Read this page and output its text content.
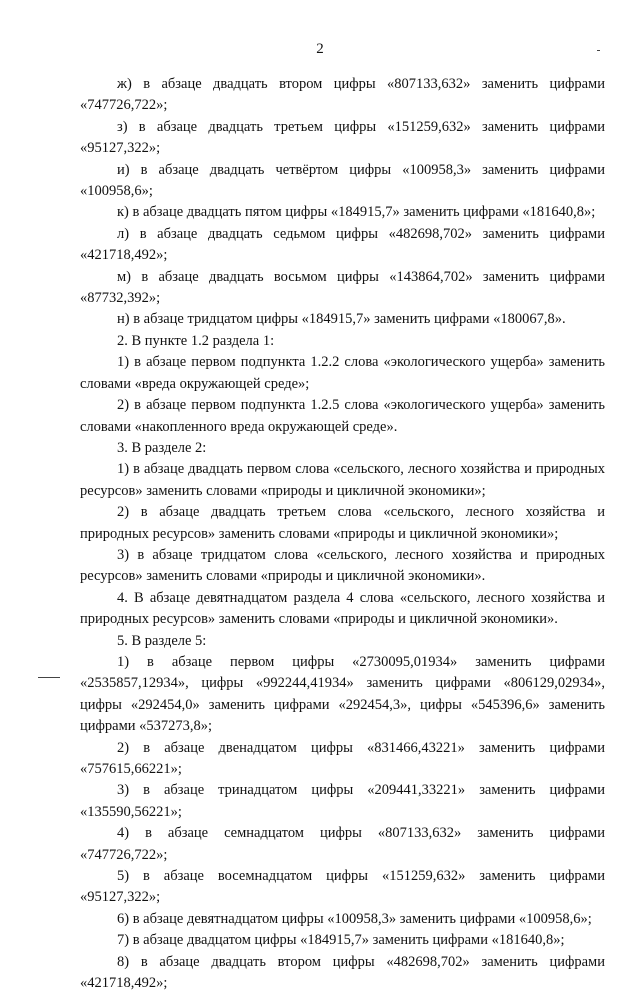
2

ж) в абзаце двадцать втором цифры «807133,632» заменить цифрами «747726,722»;

з) в абзаце двадцать третьем цифры «151259,632» заменить цифрами «95127,322»;

и) в абзаце двадцать четвёртом цифры «100958,3» заменить цифрами «100958,6»;

к) в абзаце двадцать пятом цифры «184915,7» заменить цифрами «181640,8»;

л) в абзаце двадцать седьмом цифры «482698,702» заменить цифрами «421718,492»;

м) в абзаце двадцать восьмом цифры «143864,702» заменить цифрами «87732,392»;

н) в абзаце тридцатом цифры «184915,7» заменить цифрами «180067,8».

2. В пункте 1.2 раздела 1:

1) в абзаце первом подпункта 1.2.2 слова «экологического ущерба» заменить словами «вреда окружающей среде»;

2) в абзаце первом подпункта 1.2.5 слова «экологического ущерба» заменить словами «накопленного вреда окружающей среде».

3. В разделе 2:

1) в абзаце двадцать первом слова «сельского, лесного хозяйства и природных ресурсов» заменить словами «природы и цикличной экономики»;

2) в абзаце двадцать третьем слова «сельского, лесного хозяйства и природных ресурсов» заменить словами «природы и цикличной экономики»;

3) в абзаце тридцатом слова «сельского, лесного хозяйства и природных ресурсов» заменить словами «природы и цикличной экономики».

4. В абзаце девятнадцатом раздела 4 слова «сельского, лесного хозяйства и природных ресурсов» заменить словами «природы и цикличной экономики».

5. В разделе 5:

1) в абзаце первом цифры «2730095,01934» заменить цифрами «2535857,12934», цифры «992244,41934» заменить цифрами «806129,02934», цифры «292454,0» заменить цифрами «292454,3», цифры «545396,6» заменить цифрами «537273,8»;

2) в абзаце двенадцатом цифры «831466,43221» заменить цифрами «757615,66221»;

3) в абзаце тринадцатом цифры «209441,33221» заменить цифрами «135590,56221»;

4) в абзаце семнадцатом цифры «807133,632» заменить цифрами «747726,722»;

5) в абзаце восемнадцатом цифры «151259,632» заменить цифрами «95127,322»;

6) в абзаце девятнадцатом цифры «100958,3» заменить цифрами «100958,6»;

7) в абзаце двадцатом цифры «184915,7» заменить цифрами «181640,8»;

8) в абзаце двадцать втором цифры «482698,702» заменить цифрами «421718,492»;
